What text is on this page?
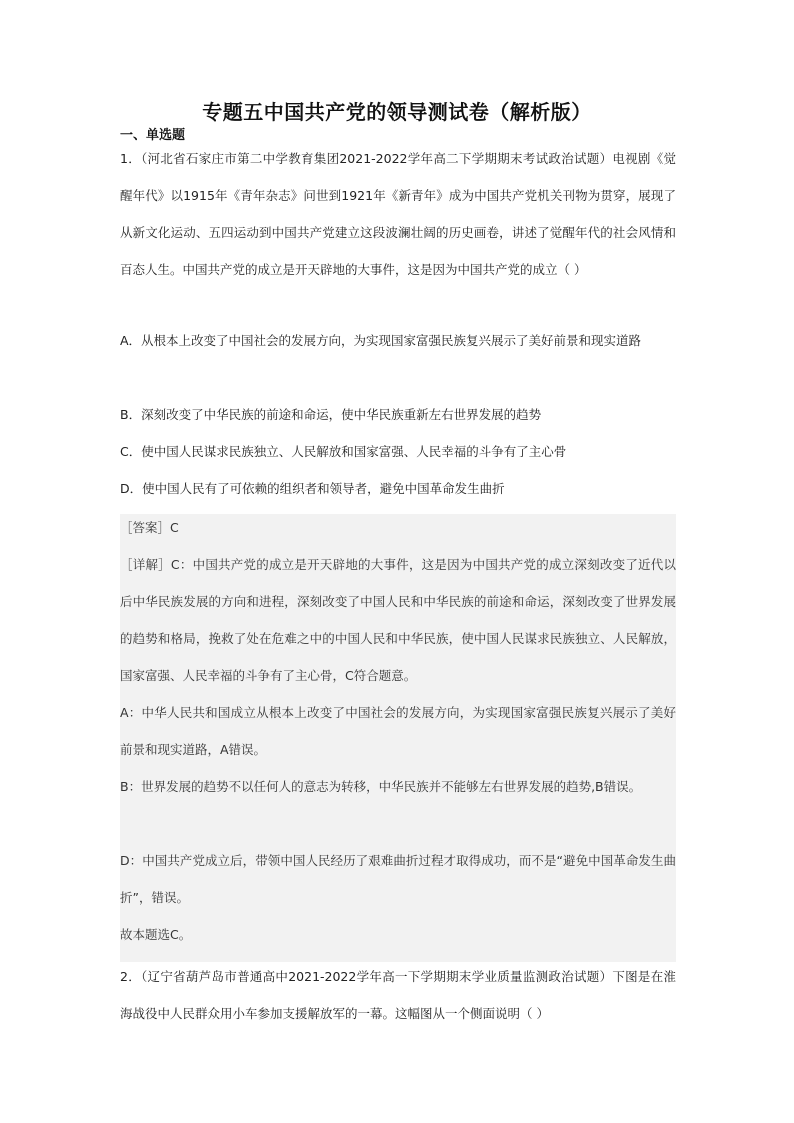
专题五中国共产党的领导测试卷（解析版）
一、单选题
1．（河北省石家庄市第二中学教育集团2021-2022学年高二下学期期末考试政治试题）电视剧《觉醒年代》以1915年《青年杂志》问世到1921年《新青年》成为中国共产党机关刊物为贯穿，展现了从新文化运动、五四运动到中国共产党建立这段波澜壮阔的历史画卷，讲述了觉醒年代的社会风情和百态人生。中国共产党的成立是开天辟地的大事件，这是因为中国共产党的成立（ ）
A．从根本上改变了中国社会的发展方向，为实现国家富强民族复兴展示了美好前景和现实道路
B．深刻改变了中华民族的前途和命运，使中华民族重新左右世界发展的趋势
C．使中国人民谋求民族独立、人民解放和国家富强、人民幸福的斗争有了主心骨
D．使中国人民有了可依赖的组织者和领导者，避免中国革命发生曲折
［答案］C
［详解］C：中国共产党的成立是开天辟地的大事件，这是因为中国共产党的成立深刻改变了近代以后中华民族发展的方向和进程，深刻改变了中国人民和中华民族的前途和命运，深刻改变了世界发展的趋势和格局，挽救了处在危难之中的中国人民和中华民族，使中国人民谋求民族独立、人民解放，国家富强、人民幸福的斗争有了主心骨，C符合题意。
A：中华人民共和国成立从根本上改变了中国社会的发展方向，为实现国家富强民族复兴展示了美好前景和现实道路，A错误。
B：世界发展的趋势不以任何人的意志为转移，中华民族并不能够左右世界发展的趋势,B错误。
D：中国共产党成立后，带领中国人民经历了艰难曲折过程才取得成功，而不是“避免中国革命发生曲折”，错误。
故本题选C。
2．（辽宁省葫芦岛市普通高中2021-2022学年高一下学期期末学业质量监测政治试题）下图是在淮海战役中人民群众用小车参加支援解放军的一幕。这幅图从一个侧面说明（ ）
